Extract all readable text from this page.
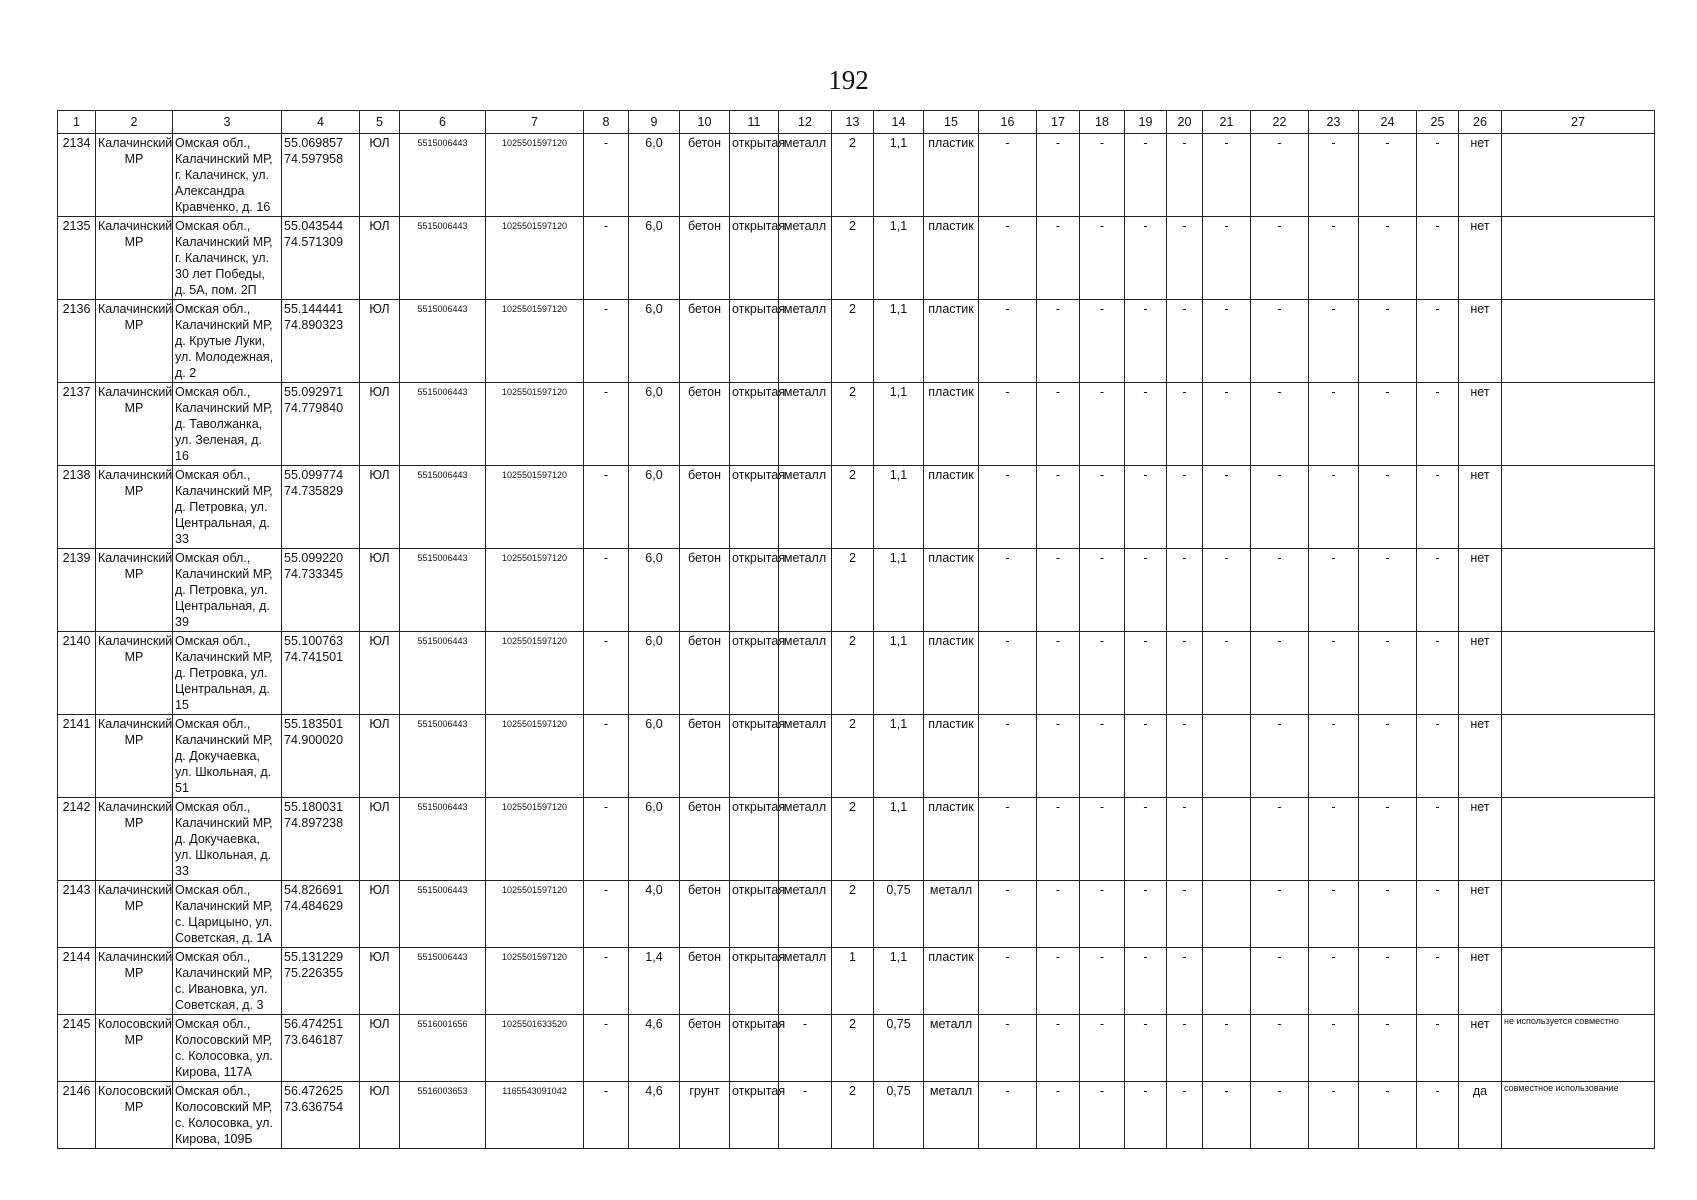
192
1	2	3	4	5	6	7	8	9	10	11	12	13	14	15	16	17	18	19	20	21	22	23	24	25	26	27
2134	Калачинский МР	Омская обл., Калачинский МР, г. Калачинск, ул. Александра Кравченко, д. 16	55.069857 74.597958	ЮЛ	5515006443	1025501597120	-	6,0	бетон	открытая	металл	2	1,1	пластик	-	-	-	-	-	-	-	-	-	-	нет	
2135	Калачинский МР	Омская обл., Калачинский МР, г. Калачинск, ул. 30 лет Победы, д. 5А, пом. 2П	55.043544 74.571309	ЮЛ	5515006443	1025501597120	-	6,0	бетон	открытая	металл	2	1,1	пластик	-	-	-	-	-	-	-	-	-	-	нет	
2136	Калачинский МР	Омская обл., Калачинский МР, д. Крутые Луки, ул. Молодежная, д. 2	55.144441 74.890323	ЮЛ	5515006443	1025501597120	-	6,0	бетон	открытая	металл	2	1,1	пластик	-	-	-	-	-	-	-	-	-	-	нет	
2137	Калачинский МР	Омская обл., Калачинский МР, д. Таволжанка, ул. Зеленая, д. 16	55.092971 74.779840	ЮЛ	5515006443	1025501597120	-	6,0	бетон	открытая	металл	2	1,1	пластик	-	-	-	-	-	-	-	-	-	-	нет	
2138	Калачинский МР	Омская обл., Калачинский МР, д. Петровка, ул. Центральная, д. 33	55.099774 74.735829	ЮЛ	5515006443	1025501597120	-	6,0	бетон	открытая	металл	2	1,1	пластик	-	-	-	-	-	-	-	-	-	-	нет	
2139	Калачинский МР	Омская обл., Калачинский МР, д. Петровка, ул. Центральная, д. 39	55.099220 74.733345	ЮЛ	5515006443	1025501597120	-	6,0	бетон	открытая	металл	2	1,1	пластик	-	-	-	-	-	-	-	-	-	-	нет	
2140	Калачинский МР	Омская обл., Калачинский МР, д. Петровка, ул. Центральная, д. 15	55.100763 74.741501	ЮЛ	5515006443	1025501597120	-	6,0	бетон	открытая	металл	2	1,1	пластик	-	-	-	-	-	-	-	-	-	-	нет	
2141	Калачинский МР	Омская обл., Калачинский МР, д. Докучаевка, ул. Школьная, д. 51	55.183501 74.900020	ЮЛ	5515006443	1025501597120	-	6,0	бетон	открытая	металл	2	1,1	пластик	-	-	-	-	-		-	-	-	-	нет	
2142	Калачинский МР	Омская обл., Калачинский МР, д. Докучаевка, ул. Школьная, д. 33	55.180031 74.897238	ЮЛ	5515006443	1025501597120	-	6,0	бетон	открытая	металл	2	1,1	пластик	-	-	-	-	-		-	-	-	-	нет	
2143	Калачинский МР	Омская обл., Калачинский МР, с. Царицыно, ул. Советская, д. 1А	54.826691 74.484629	ЮЛ	5515006443	1025501597120	-	4,0	бетон	открытая	металл	2	0,75	металл	-	-	-	-	-		-	-	-	-	нет	
2144	Калачинский МР	Омская обл., Калачинский МР, с. Ивановка, ул. Советская, д. 3	55.131229 75.226355	ЮЛ	5515006443	1025501597120	-	1,4	бетон	открытая	металл	1	1,1	пластик	-	-	-	-	-		-	-	-	-	нет	
2145	Колосовский МР	Омская обл., Колосовский МР, с. Колосовка, ул. Кирова, 117А	56.474251 73.646187	ЮЛ	5516001656	1025501633520	-	4,6	бетон	открытая	-	2	0,75	металл	-	-	-	-	-	-	-	-	-	-	нет	не используется совместно
2146	Колосовский МР	Омская обл., Колосовский МР, с. Колосовка, ул. Кирова, 109Б	56.472625 73.636754	ЮЛ	5516003653	1165543091042	-	4,6	грунт	открытая	-	2	0,75	металл	-	-	-	-	-	-	-	-	-	-	да	совместное использование
